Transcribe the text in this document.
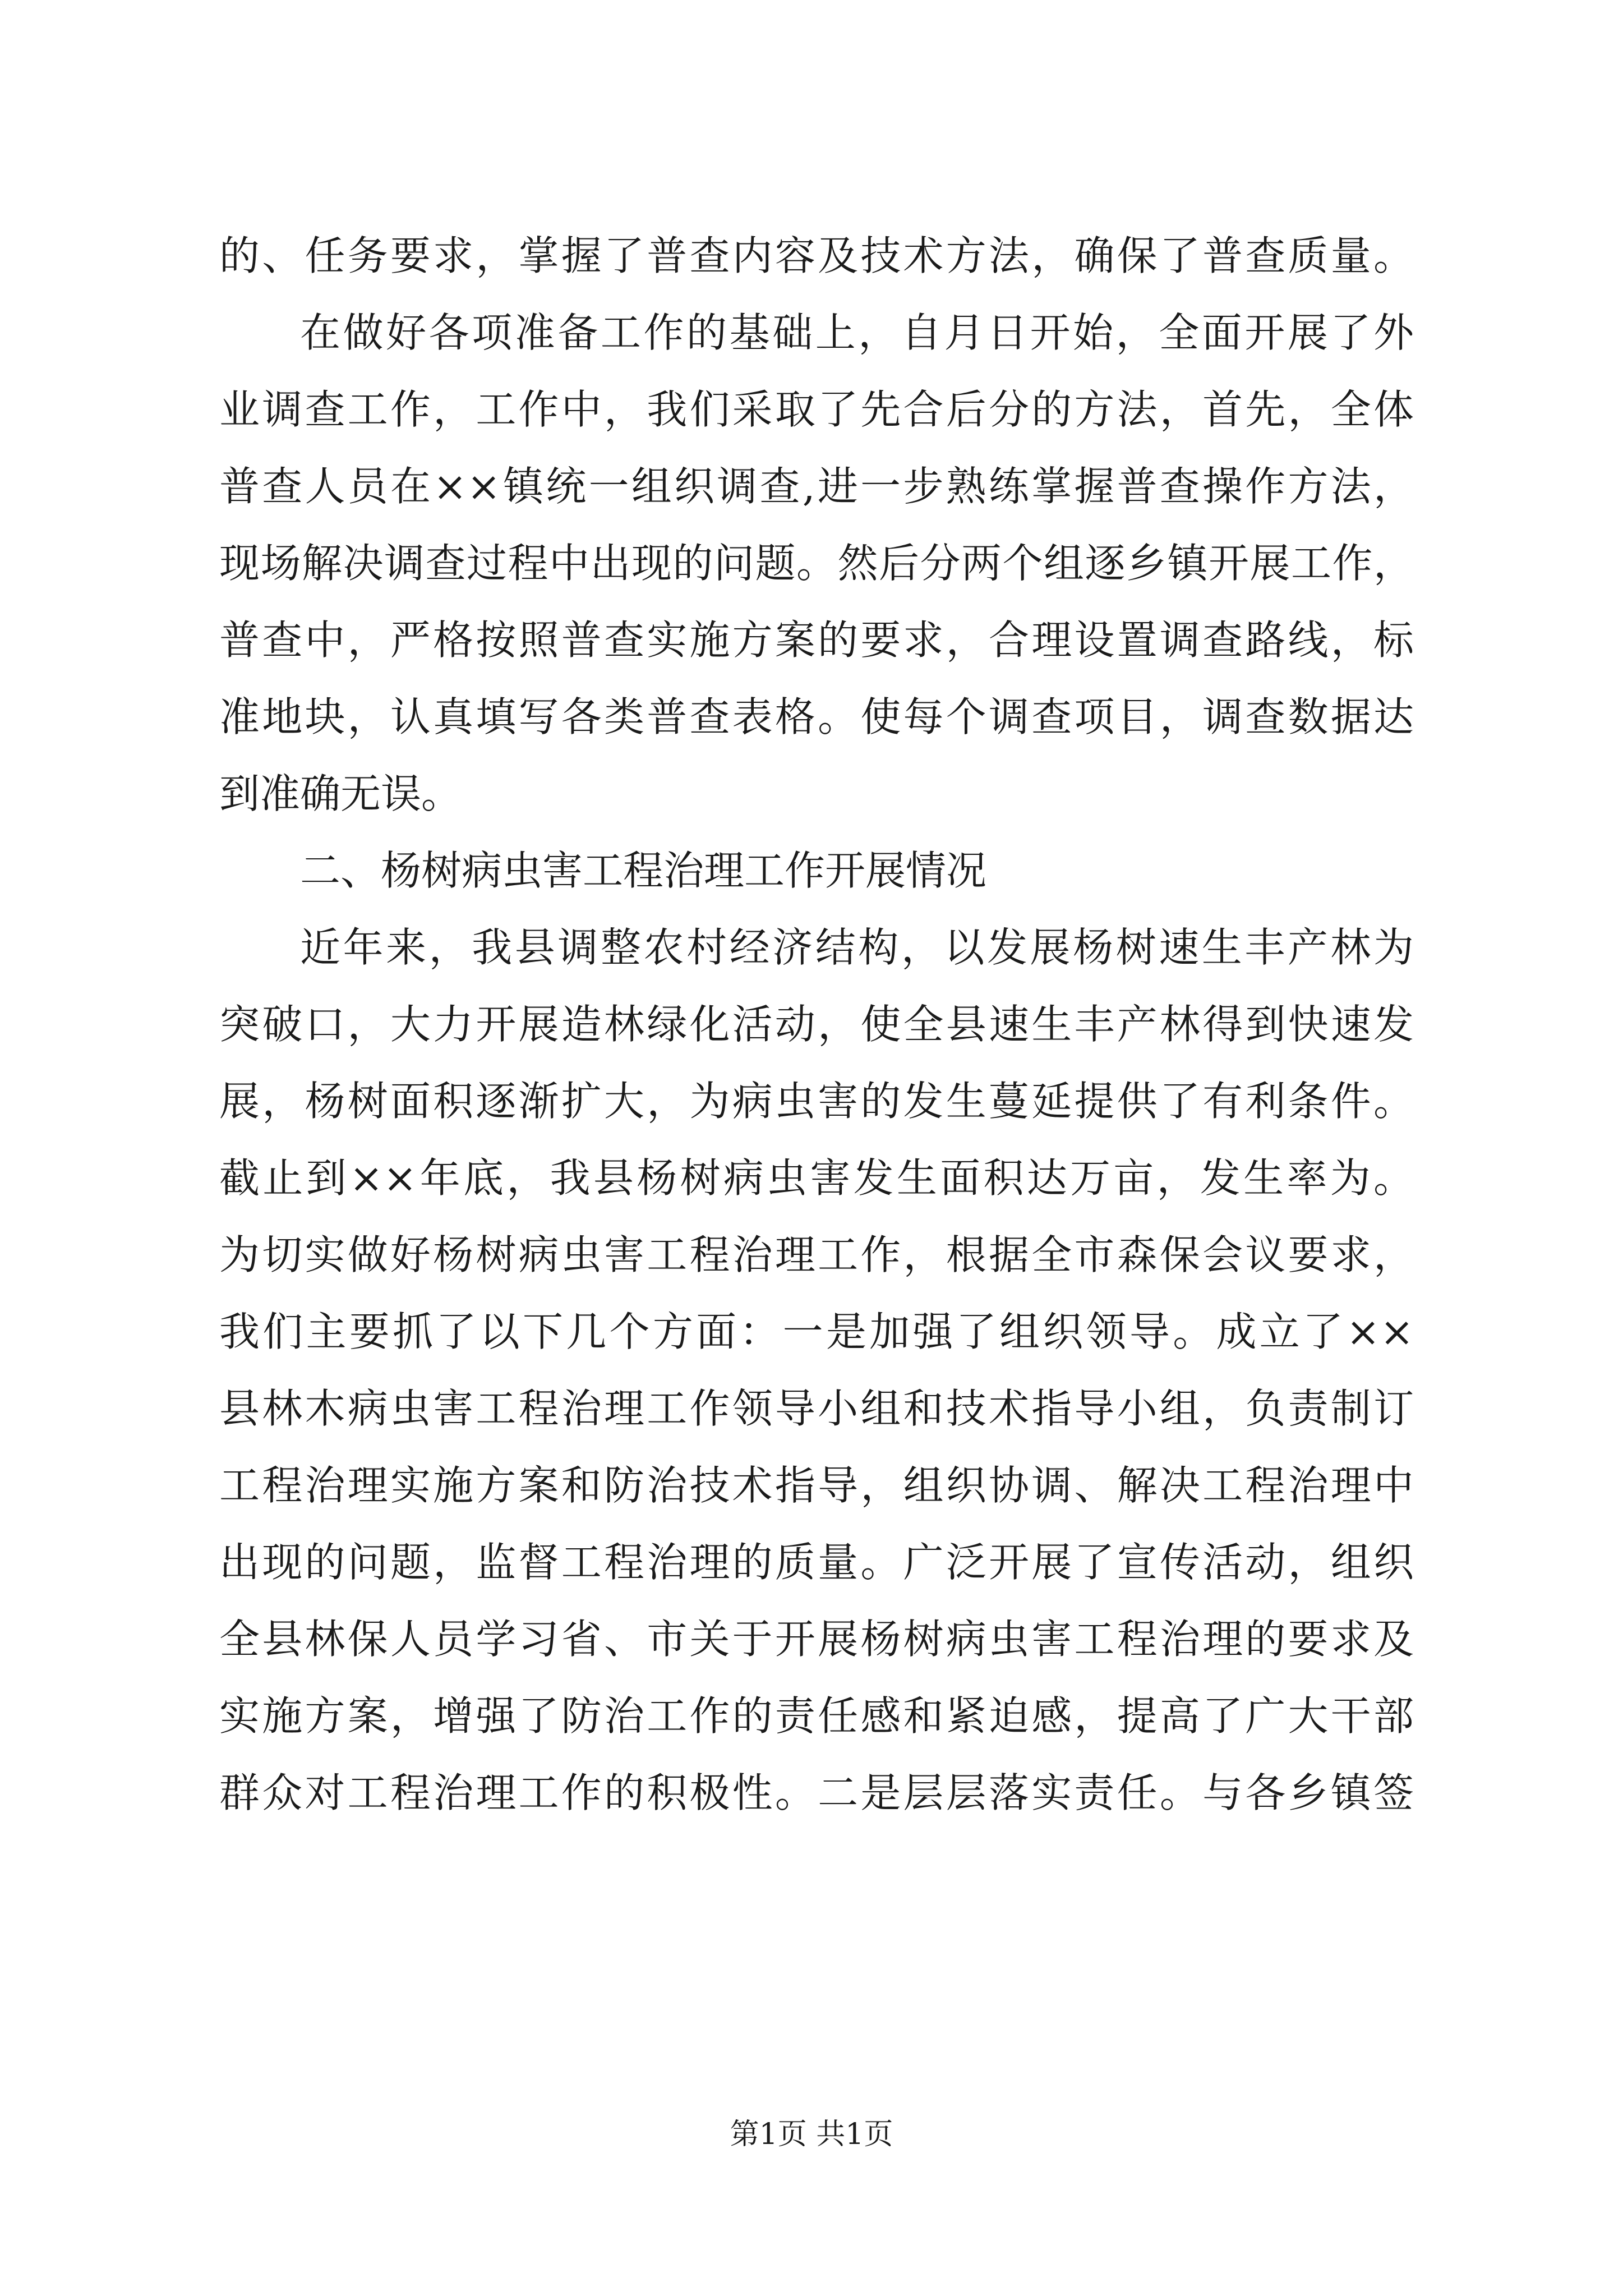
的、任务要求，掌握了普查内容及技术方法，确保了普查质量。
在做好各项准备工作的基础上，自月日开始，全面开展了外
业调查工作，工作中，我们采取了先合后分的方法，首先，全体
普查人员在××镇统一组织调查,进一步熟练掌握普查操作方法，
现场解决调查过程中出现的问题。然后分两个组逐乡镇开展工作，
普查中，严格按照普查实施方案的要求，合理设置调查路线，标
准地块，认真填写各类普查表格。使每个调查项目，调查数据达
到准确无误。
二、杨树病虫害工程治理工作开展情况
近年来，我县调整农村经济结构，以发展杨树速生丰产林为
突破口，大力开展造林绿化活动，使全县速生丰产林得到快速发
展，杨树面积逐渐扩大，为病虫害的发生蔓延提供了有利条件。
截止到××年底，我县杨树病虫害发生面积达万亩，发生率为。
为切实做好杨树病虫害工程治理工作，根据全市森保会议要求，
我们主要抓了以下几个方面：一是加强了组织领导。成立了××
县林木病虫害工程治理工作领导小组和技术指导小组，负责制订
工程治理实施方案和防治技术指导，组织协调、解决工程治理中
出现的问题，监督工程治理的质量。广泛开展了宣传活动，组织
全县林保人员学习省、市关于开展杨树病虫害工程治理的要求及
实施方案，增强了防治工作的责任感和紧迫感，提高了广大干部
群众对工程治理工作的积极性。二是层层落实责任。与各乡镇签
第1页 共1页
